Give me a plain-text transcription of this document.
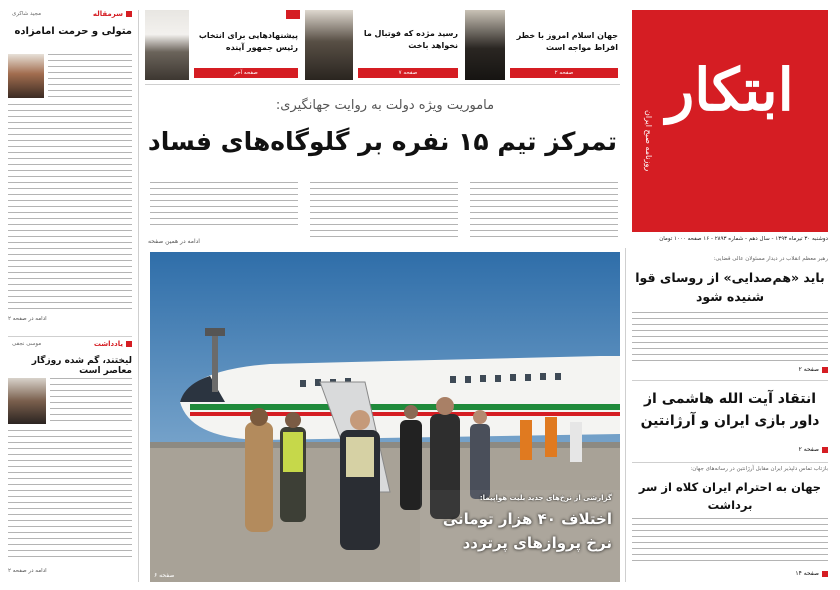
ابتکار
روزنامه صبح ایران
دوشنبه ۳۰ تیرماه ۱۳۹۳ - سال دهم - شماره ۲۸۹۳ - ۱۶ صفحه ۱۰۰۰ تومان
جهان اسلام امروز با خطر افراط مواجه است
صفحه ۲
رسید مژده که فوتبال ما نخواهد باخت
صفحه ۷
پیشنهادهایی برای انتخاب رئیس جمهور آینده
صفحه آخر
ماموریت ویژه دولت به روایت جهانگیری:
تمرکز تیم ۱۵ نفره بر گلوگاه‌های فساد
ادامه در همین صفحه
گزارشی از نرخ‌های جدید بلیت هواپیما:
اختلاف ۴۰ هزار تومانی
نرخ پروازهای پرتردد
صفحه ۶
سرمقاله
مجید شاکری
متولی و حرمت امامزاده
ادامه در صفحه ۲
یادداشت
موسی نجفی
لیختند، گم شده روزگار معاصر است
ادامه در صفحه ۲
رهبر معظم انقلاب در دیدار مسئولان عالی قضایی:
باید «هم‌صدایی» از روسای قوا شنیده شود
صفحه ۲
انتقاد آیت الله هاشمی از داور بازی ایران و آرژانتین
صفحه ۲
بازتاب تماس دلپذیر ایران مقابل آرژانتین در رسانه‌های جهان:
جهان به احترام ایران کلاه از سر برداشت
صفحه ۱۴
